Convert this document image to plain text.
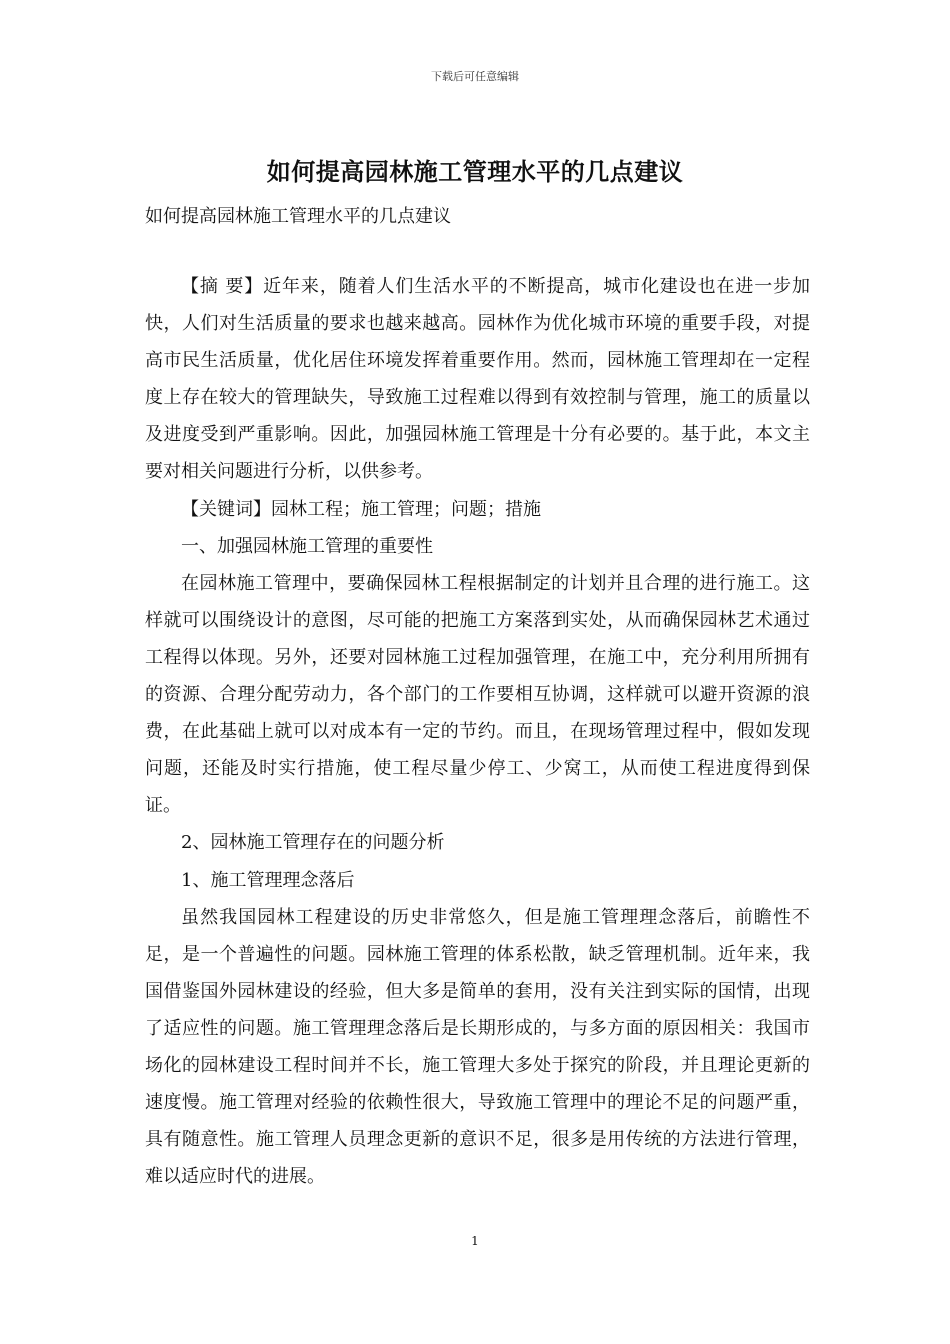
下载后可任意编辑
如何提高园林施工管理水平的几点建议
如何提高园林施工管理水平的几点建议

【摘 要】近年来，随着人们生活水平的不断提高，城市化建设也在进一步加快，人们对生活质量的要求也越来越高。园林作为优化城市环境的重要手段，对提高市民生活质量，优化居住环境发挥着重要作用。然而，园林施工管理却在一定程度上存在较大的管理缺失，导致施工过程难以得到有效控制与管理，施工的质量以及进度受到严重影响。因此，加强园林施工管理是十分有必要的。基于此，本文主要对相关问题进行分析，以供参考。

【关键词】园林工程；施工管理；问题；措施

一、加强园林施工管理的重要性

在园林施工管理中，要确保园林工程根据制定的计划并且合理的进行施工。这样就可以围绕设计的意图，尽可能的把施工方案落到实处，从而确保园林艺术通过工程得以体现。另外，还要对园林施工过程加强管理，在施工中，充分利用所拥有的资源、合理分配劳动力，各个部门的工作要相互协调，这样就可以避开资源的浪费，在此基础上就可以对成本有一定的节约。而且，在现场管理过程中，假如发现问题，还能及时实行措施，使工程尽量少停工、少窝工，从而使工程进度得到保证。

2、园林施工管理存在的问题分析

1、施工管理理念落后

虽然我国园林工程建设的历史非常悠久，但是施工管理理念落后，前瞻性不足，是一个普遍性的问题。园林施工管理的体系松散，缺乏管理机制。近年来，我国借鉴国外园林建设的经验，但大多是简单的套用，没有关注到实际的国情，出现了适应性的问题。施工管理理念落后是长期形成的，与多方面的原因相关：我国市场化的园林建设工程时间并不长，施工管理大多处于探究的阶段，并且理论更新的速度慢。施工管理对经验的依赖性很大，导致施工管理中的理论不足的问题严重，具有随意性。施工管理人员理念更新的意识不足，很多是用传统的方法进行管理，难以适应时代的进展。

1
